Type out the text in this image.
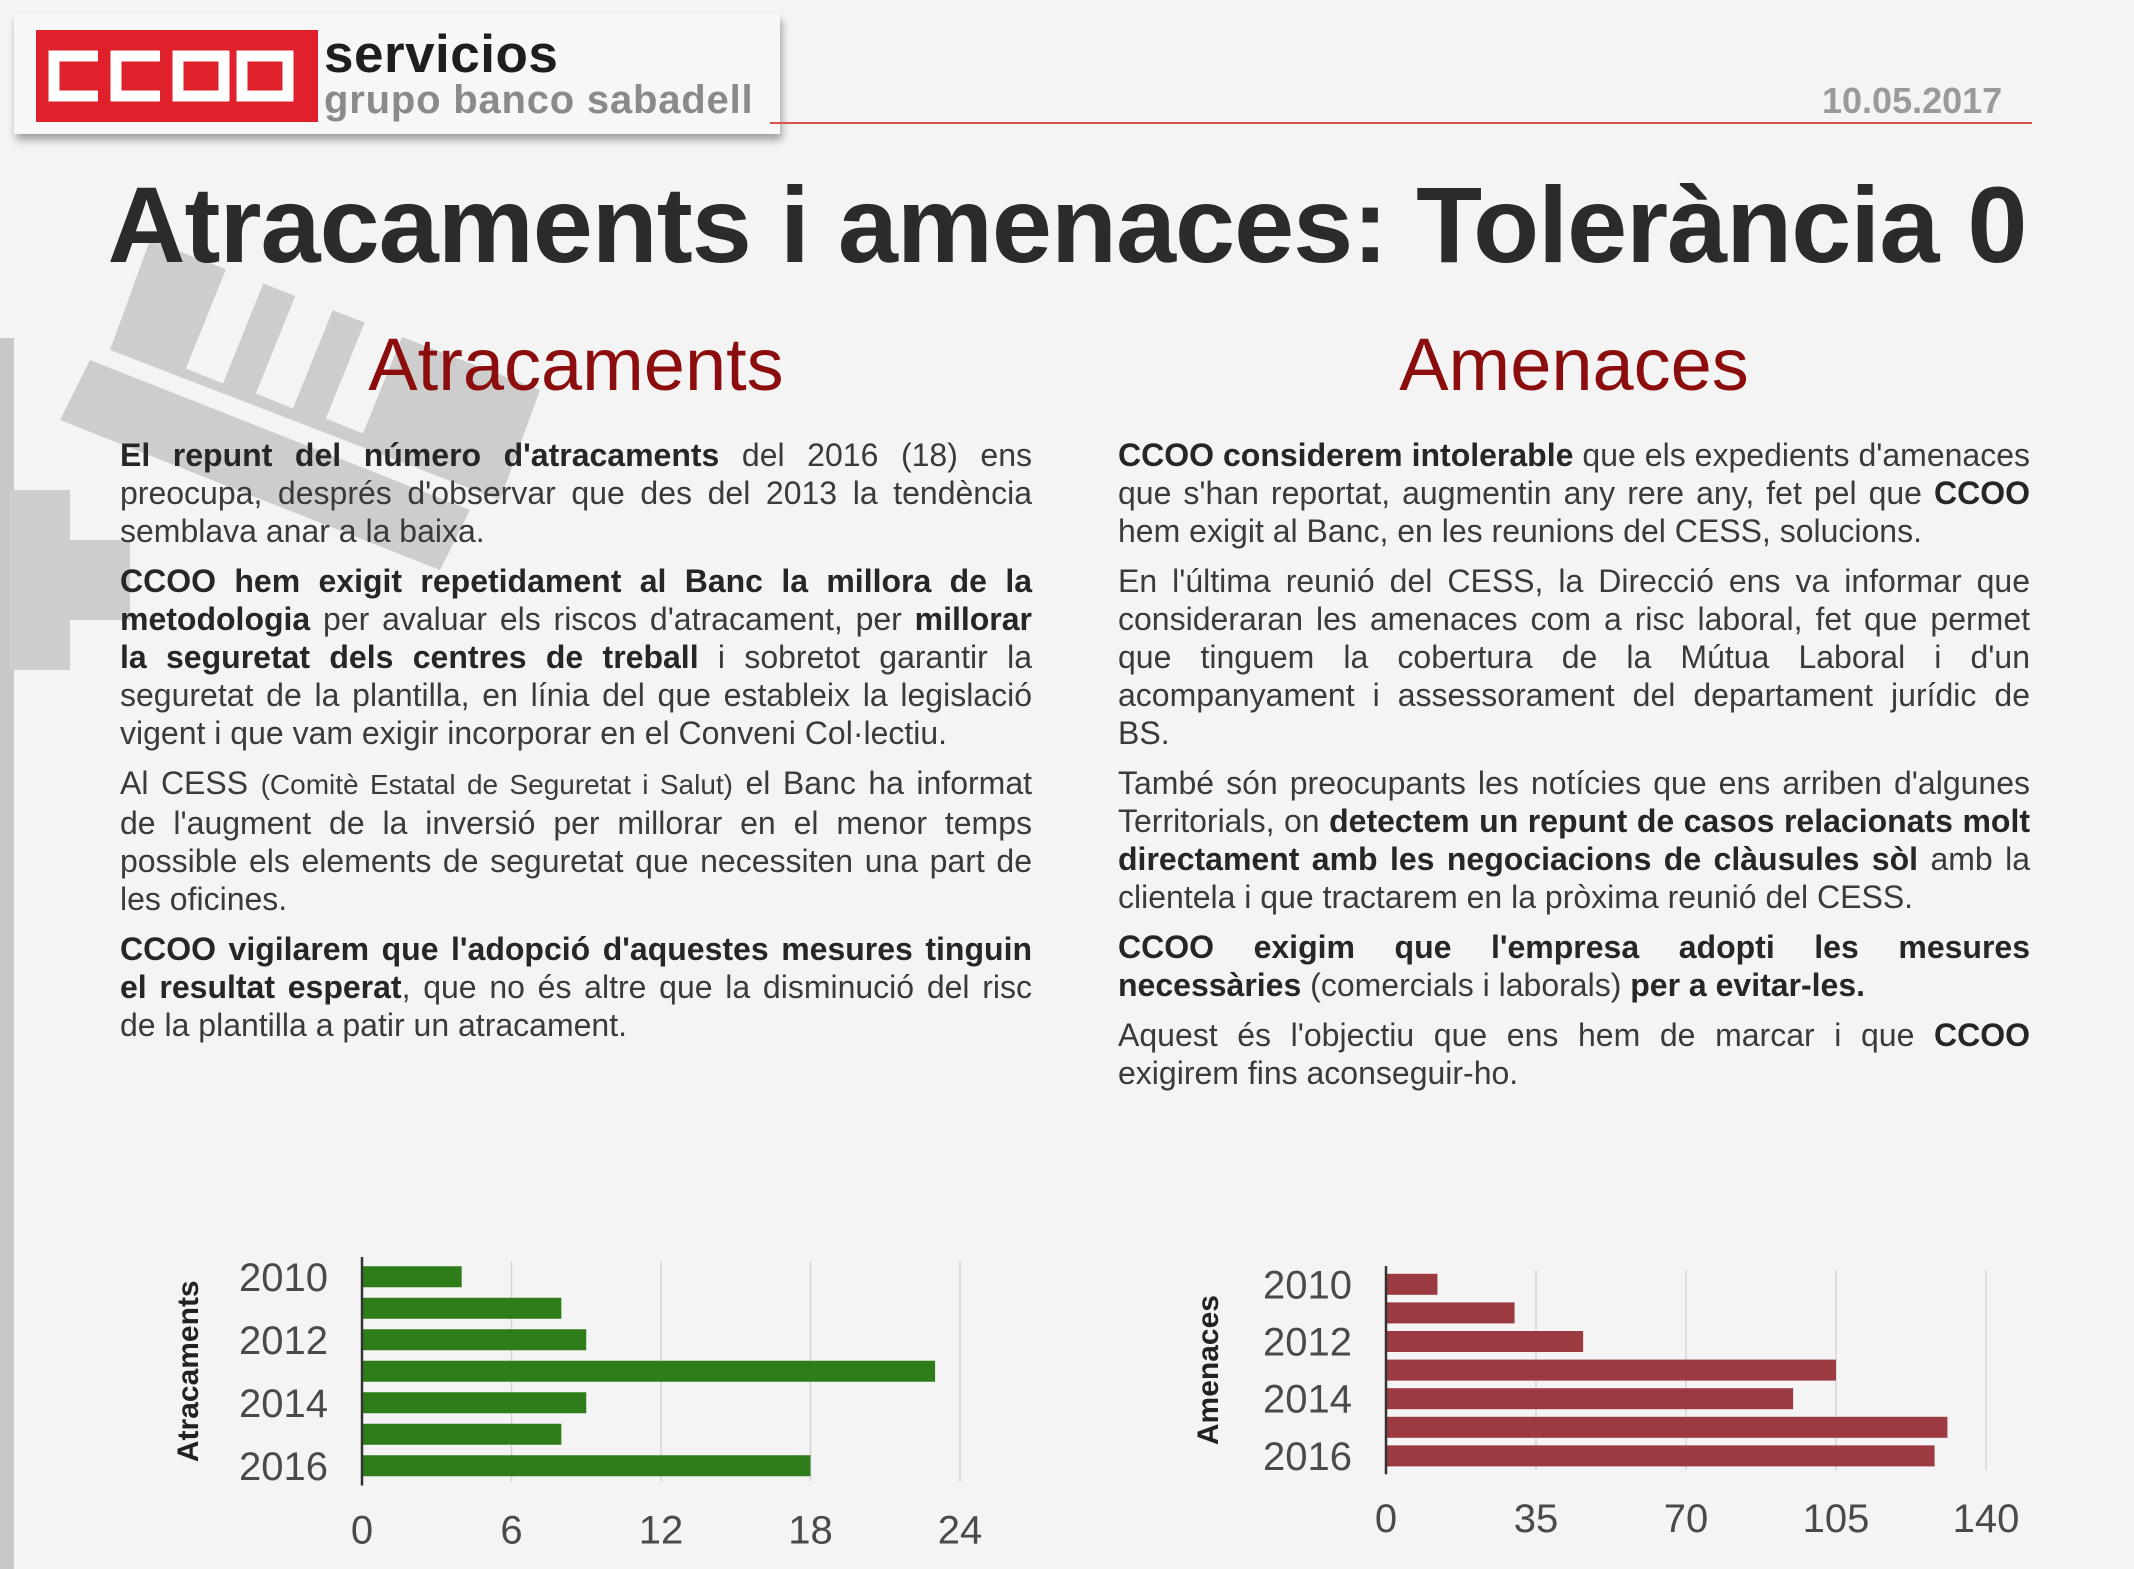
servicios
grupo banco sabadell	10.05.2017
Atracaments i amenaces: Tolerància 0
Atracaments	Amenaces

El repunt del número d'atracaments del 2016 (18) ens preocupa, després d'observar que des del 2013 la tendència semblava anar a la baixa.

CCOO hem exigit repetidament al Banc la millora de la metodologia per avaluar els riscos d'atracament, per millorar la seguretat dels centres de treball i sobretot garantir la seguretat de la plantilla, en línia del que estableix la legislació vigent i que vam exigir incorporar en el Conveni Col·lectiu.

Al CESS (Comitè Estatal de Seguretat i Salut) el Banc ha informat de l'augment de la inversió per millorar en el menor temps possible els elements de seguretat que necessiten una part de les oficines.

CCOO vigilarem que l'adopció d'aquestes mesures tinguin el resultat esperat, que no és altre que la disminució del risc de la plantilla a patir un atracament.

CCOO considerem intolerable que els expedients d'amenaces que s'han reportat, augmentin any rere any, fet pel que CCOO hem exigit al Banc, en les reunions del CESS, solucions.

En l'última reunió del CESS, la Direcció ens va informar que consideraran les amenaces com a risc laboral, fet que permet que tinguem la cobertura de la Mútua Laboral i d'un acompanyament i assessorament del departament jurídic de BS.

També són preocupants les notícies que ens arriben d'algunes Territorials, on detectem un repunt de casos relacionats molt directament amb les negociacions de clàusules sòl amb la clientela i que tractarem en la pròxima reunió del CESS.

CCOO exigim que l'empresa adopti les mesures necessàries (comercials i laborals) per a evitar-les.

Aquest és l'objectiu que ens hem de marcar i que CCOO exigirem fins aconseguir-ho.

2010
2012
2014
2016
0	6	12	18	24
Atracaments	2010
2012
2014
2016
0	35	70 105 140
Amenaces
